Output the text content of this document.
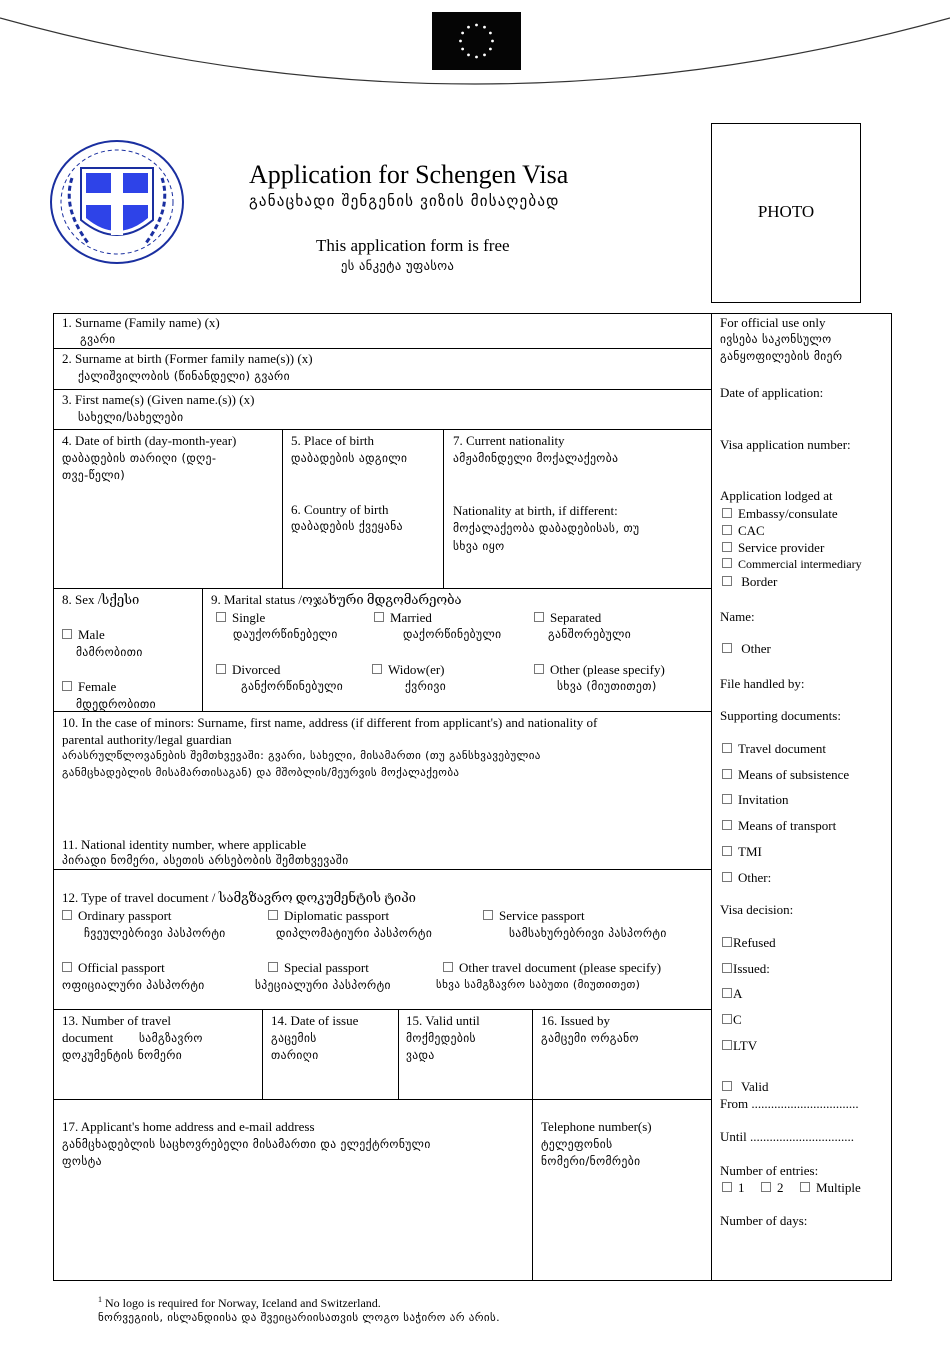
Application for Schengen Visa
განაცხადი შენგენის ვიზის მისაღებად
This application form is free
ეს ანკეტა უფასოა
PHOTO
1. Surname (Family name) (x)
გვარი
2. Surname at birth (Former family name(s)) (x)
ქალიშვილობის (წინანდელი) გვარი
3. First name(s) (Given name.(s)) (x)
სახელი/სახელები
4. Date of birth (day-month-year)
დაბადების თარიღი (დღე-
თვე-წელი)
5. Place of birth
დაბადების ადგილი
6. Country of birth
დაბადების ქვეყანა
7. Current nationality
ამჟამინდელი მოქალაქეობა
Nationality at birth, if different:
მოქალაქეობა დაბადებისას, თუ
სხვა იყო
8. Sex /სქესი
Male
მამრობითი
Female
მდედრობითი
9. Marital status /ოჯახური მდგომარეობა
Single
დაუქორწინებელი
Married
დაქორწინებული
Separated
განშორებული
Divorced
განქორწინებული
Widow(er)
ქვრივი
Other (please specify)
სხვა (მიუთითეთ)
10. In the case of minors: Surname, first name, address (if different from applicant's) and nationality of
parental authority/legal guardian
არასრულწლოვანების შემთხვევაში: გვარი, სახელი, მისამართი (თუ განსხვავებულია
განმცხადებლის მისამართისაგან) და მშობლის/მეურვის მოქალაქეობა
11. National identity number, where applicable
პირადი ნომერი, ასეთის არსებობის შემთხვევაში
12. Type of travel document / სამგზავრო დოკუმენტის ტიპი
Ordinary passport
ჩვეულებრივი პასპორტი
Diplomatic passport
დიპლომატიური პასპორტი
Service passport
სამსახურებრივი პასპორტი
Official passport
ოფიციალური პასპორტი
Special passport
სპეციალური პასპორტი
Other travel document (please specify)
სხვა სამგზავრო საბუთი (მიუთითეთ)
13. Number of travel
document სამგზავრო
დოკუმენტის ნომერი
14. Date of issue
გაცემის
თარიღი
15. Valid until
მოქმედების
ვადა
16. Issued by
გამცემი ორგანო
17. Applicant's home address and e-mail address
განმცხადებლის საცხოვრებელი მისამართი და ელექტრონული
ფოსტა
Telephone number(s)
ტელეფონის
ნომერი/ნომრები
For official use only
ივსება საკონსულო
განყოფილების მიერ
Date of application:
Visa application number:
Application lodged at
Embassy/consulate
CAC
Service provider
Commercial intermediary
Border
Name:
Other
File handled by:
Supporting documents:
Travel document
Means of subsistence
Invitation
Means of transport
TMI
Other:
Visa decision:
Refused
Issued:
A
C
LTV
Valid
From .................................
Until ................................
Number of entries:
1	2	Multiple
Number of days:
$^1$ No logo is required for Norway, Iceland and Switzerland.
ნორვეგიის, ისლანდიისა და შვეიცარიისათვის ლოგო საჭირო არ არის.
